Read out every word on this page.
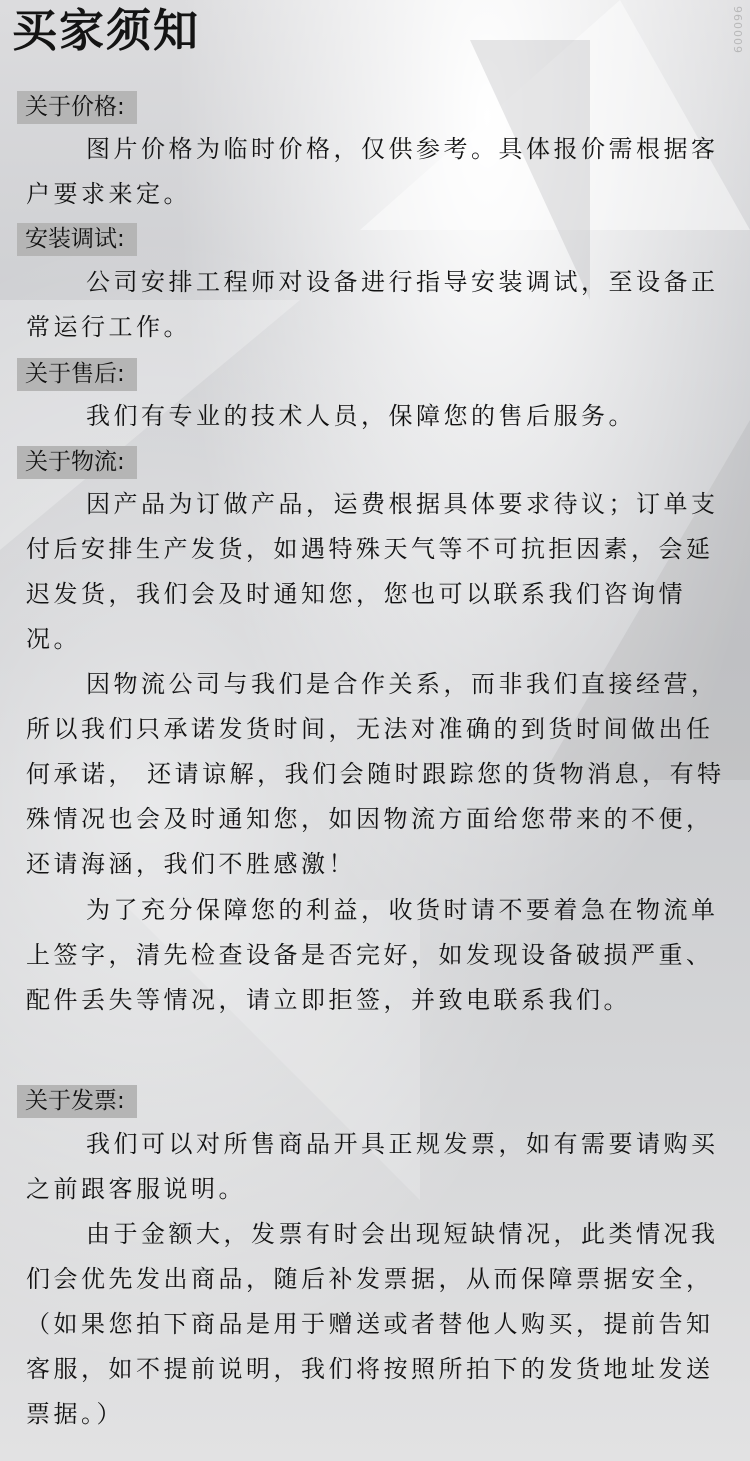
960009
买家须知
关于价格:

图片价格为临时价格，仅供参考。具体报价需根据客户要求来定。

安装调试:

公司安排工程师对设备进行指导安装调试，至设备正常运行工作。

关于售后:

我们有专业的技术人员，保障您的售后服务。

关于物流:

因产品为订做产品，运费根据具体要求待议；订单支付后安排生产发货，如遇特殊天气等不可抗拒因素，会延迟发货，我们会及时通知您，您也可以联系我们咨询情况。

因物流公司与我们是合作关系，而非我们直接经营，所以我们只承诺发货时间，无法对准确的到货时间做出任何承诺， 还请谅解，我们会随时跟踪您的货物消息，有特殊情况也会及时通知您，如因物流方面给您带来的不便，还请海涵，我们不胜感激！

为了充分保障您的利益，收货时请不要着急在物流单上签字，清先检查设备是否完好，如发现设备破损严重、配件丢失等情况，请立即拒签，并致电联系我们。

关于发票:

我们可以对所售商品开具正规发票，如有需要请购买之前跟客服说明。

由于金额大，发票有时会出现短缺情况，此类情况我们会优先发出商品，随后补发票据，从而保障票据安全，（如果您拍下商品是用于赠送或者替他人购买，提前告知客服，如不提前说明，我们将按照所拍下的发货地址发送票据。）
